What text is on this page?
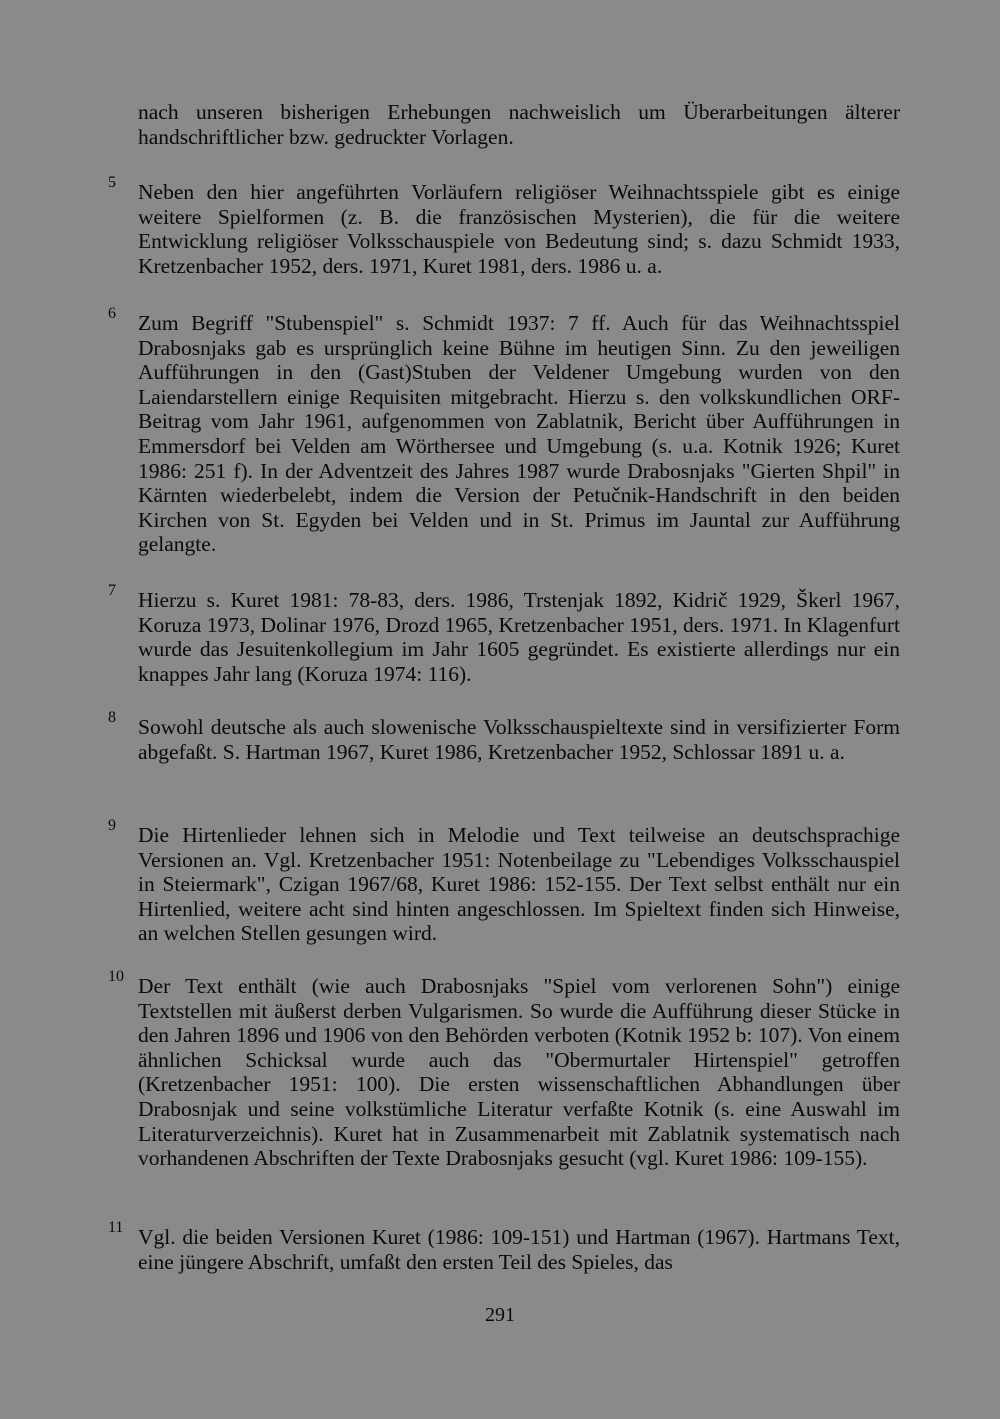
nach unseren bisherigen Erhebungen nachweislich um Überarbeitungen älterer handschriftlicher bzw. gedruckter Vorlagen.
5	Neben den hier angeführten Vorläufern religiöser Weihnachtsspiele gibt es einige weitere Spielformen (z. B. die französischen Mysterien), die für die weitere Entwicklung religiöser Volksschauspiele von Bedeutung sind; s. dazu Schmidt 1933, Kretzenbacher 1952, ders. 1971, Kuret 1981, ders. 1986 u. a.
6	Zum Begriff "Stubenspiel" s. Schmidt 1937: 7 ff. Auch für das Weihnachtsspiel Drabosnjaks gab es ursprünglich keine Bühne im heutigen Sinn. Zu den jeweiligen Aufführungen in den (Gast)Stuben der Veldener Umgebung wurden von den Laiendarstellern einige Requisiten mitgebracht. Hierzu s. den volkskundlichen ORF-Beitrag vom Jahr 1961, aufgenommen von Zablatnik, Bericht über Aufführungen in Emmersdorf bei Velden am Wörthersee und Umgebung (s. u.a. Kotnik 1926; Kuret 1986: 251 f). In der Adventzeit des Jahres 1987 wurde Drabosnjaks "Gierten Shpil" in Kärnten wiederbelebt, indem die Version der Petučnik-Handschrift in den beiden Kirchen von St. Egyden bei Velden und in St. Primus im Jauntal zur Aufführung gelangte.
7	Hierzu s. Kuret 1981: 78-83, ders. 1986, Trstenjak 1892, Kidrič 1929, Škerl 1967, Koruza 1973, Dolinar 1976, Drozd 1965, Kretzenbacher 1951, ders. 1971. In Klagenfurt wurde das Jesuitenkollegium im Jahr 1605 gegründet. Es existierte allerdings nur ein knappes Jahr lang (Koruza 1974: 116).
8	Sowohl deutsche als auch slowenische Volksschauspieltexte sind in versifizierter Form abgefaßt. S. Hartman 1967, Kuret 1986, Kretzenbacher 1952, Schlossar 1891 u. a.
9	Die Hirtenlieder lehnen sich in Melodie und Text teilweise an deutschsprachige Versionen an. Vgl. Kretzenbacher 1951: Notenbeilage zu "Lebendiges Volksschauspiel in Steiermark", Czigan 1967/68, Kuret 1986: 152-155. Der Text selbst enthält nur ein Hirtenlied, weitere acht sind hinten angeschlossen. Im Spieltext finden sich Hinweise, an welchen Stellen gesungen wird.
10 Der Text enthält (wie auch Drabosnjaks "Spiel vom verlorenen Sohn") einige Textstellen mit äußerst derben Vulgarismen. So wurde die Aufführung dieser Stücke in den Jahren 1896 und 1906 von den Behörden verboten (Kotnik 1952 b: 107). Von einem ähnlichen Schicksal wurde auch das "Obermurtaler Hirtenspiel" getroffen (Kretzenbacher 1951: 100). Die ersten wissenschaftlichen Abhandlungen über Drabosnjak und seine volkstümliche Literatur verfaßte Kotnik (s. eine Auswahl im Literaturverzeichnis). Kuret hat in Zusammenarbeit mit Zablatnik systematisch nach vorhandenen Abschriften der Texte Drabosnjaks gesucht (vgl. Kuret 1986: 109-155).
11 Vgl. die beiden Versionen Kuret (1986: 109-151) und Hartman (1967). Hartmans Text, eine jüngere Abschrift, umfaßt den ersten Teil des Spieles, das
291
